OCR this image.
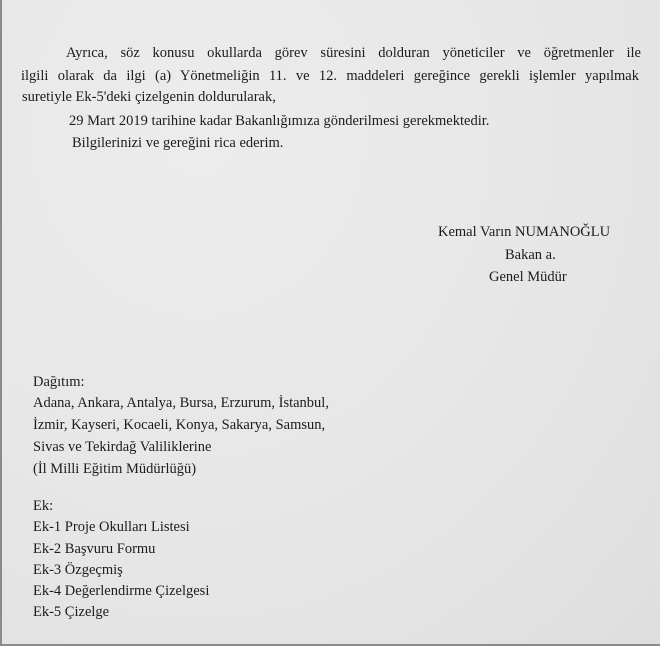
Ayrıca, söz konusu okullarda görev süresini dolduran yöneticiler ve öğretmenler ile
ilgili olarak da ilgi (a) Yönetmeliğin 11. ve 12. maddeleri gereğince gerekli işlemler yapılmak
suretiyle Ek-5'deki çizelgenin doldurularak,
29 Mart 2019 tarihine kadar Bakanlığımıza gönderilmesi gerekmektedir.
Bilgilerinizi ve gereğini rica ederim.
Kemal Varın NUMANOĞLU
Bakan a.
Genel Müdür
Dağıtım:
Adana, Ankara, Antalya, Bursa, Erzurum, İstanbul,
İzmir, Kayseri, Kocaeli, Konya, Sakarya, Samsun,
Sivas ve Tekirdağ Valiliklerine
(İl Milli Eğitim Müdürlüğü)
Ek:
Ek-1 Proje Okulları Listesi
Ek-2 Başvuru Formu
Ek-3 Özgeçmiş
Ek-4 Değerlendirme Çizelgesi
Ek-5 Çizelge
